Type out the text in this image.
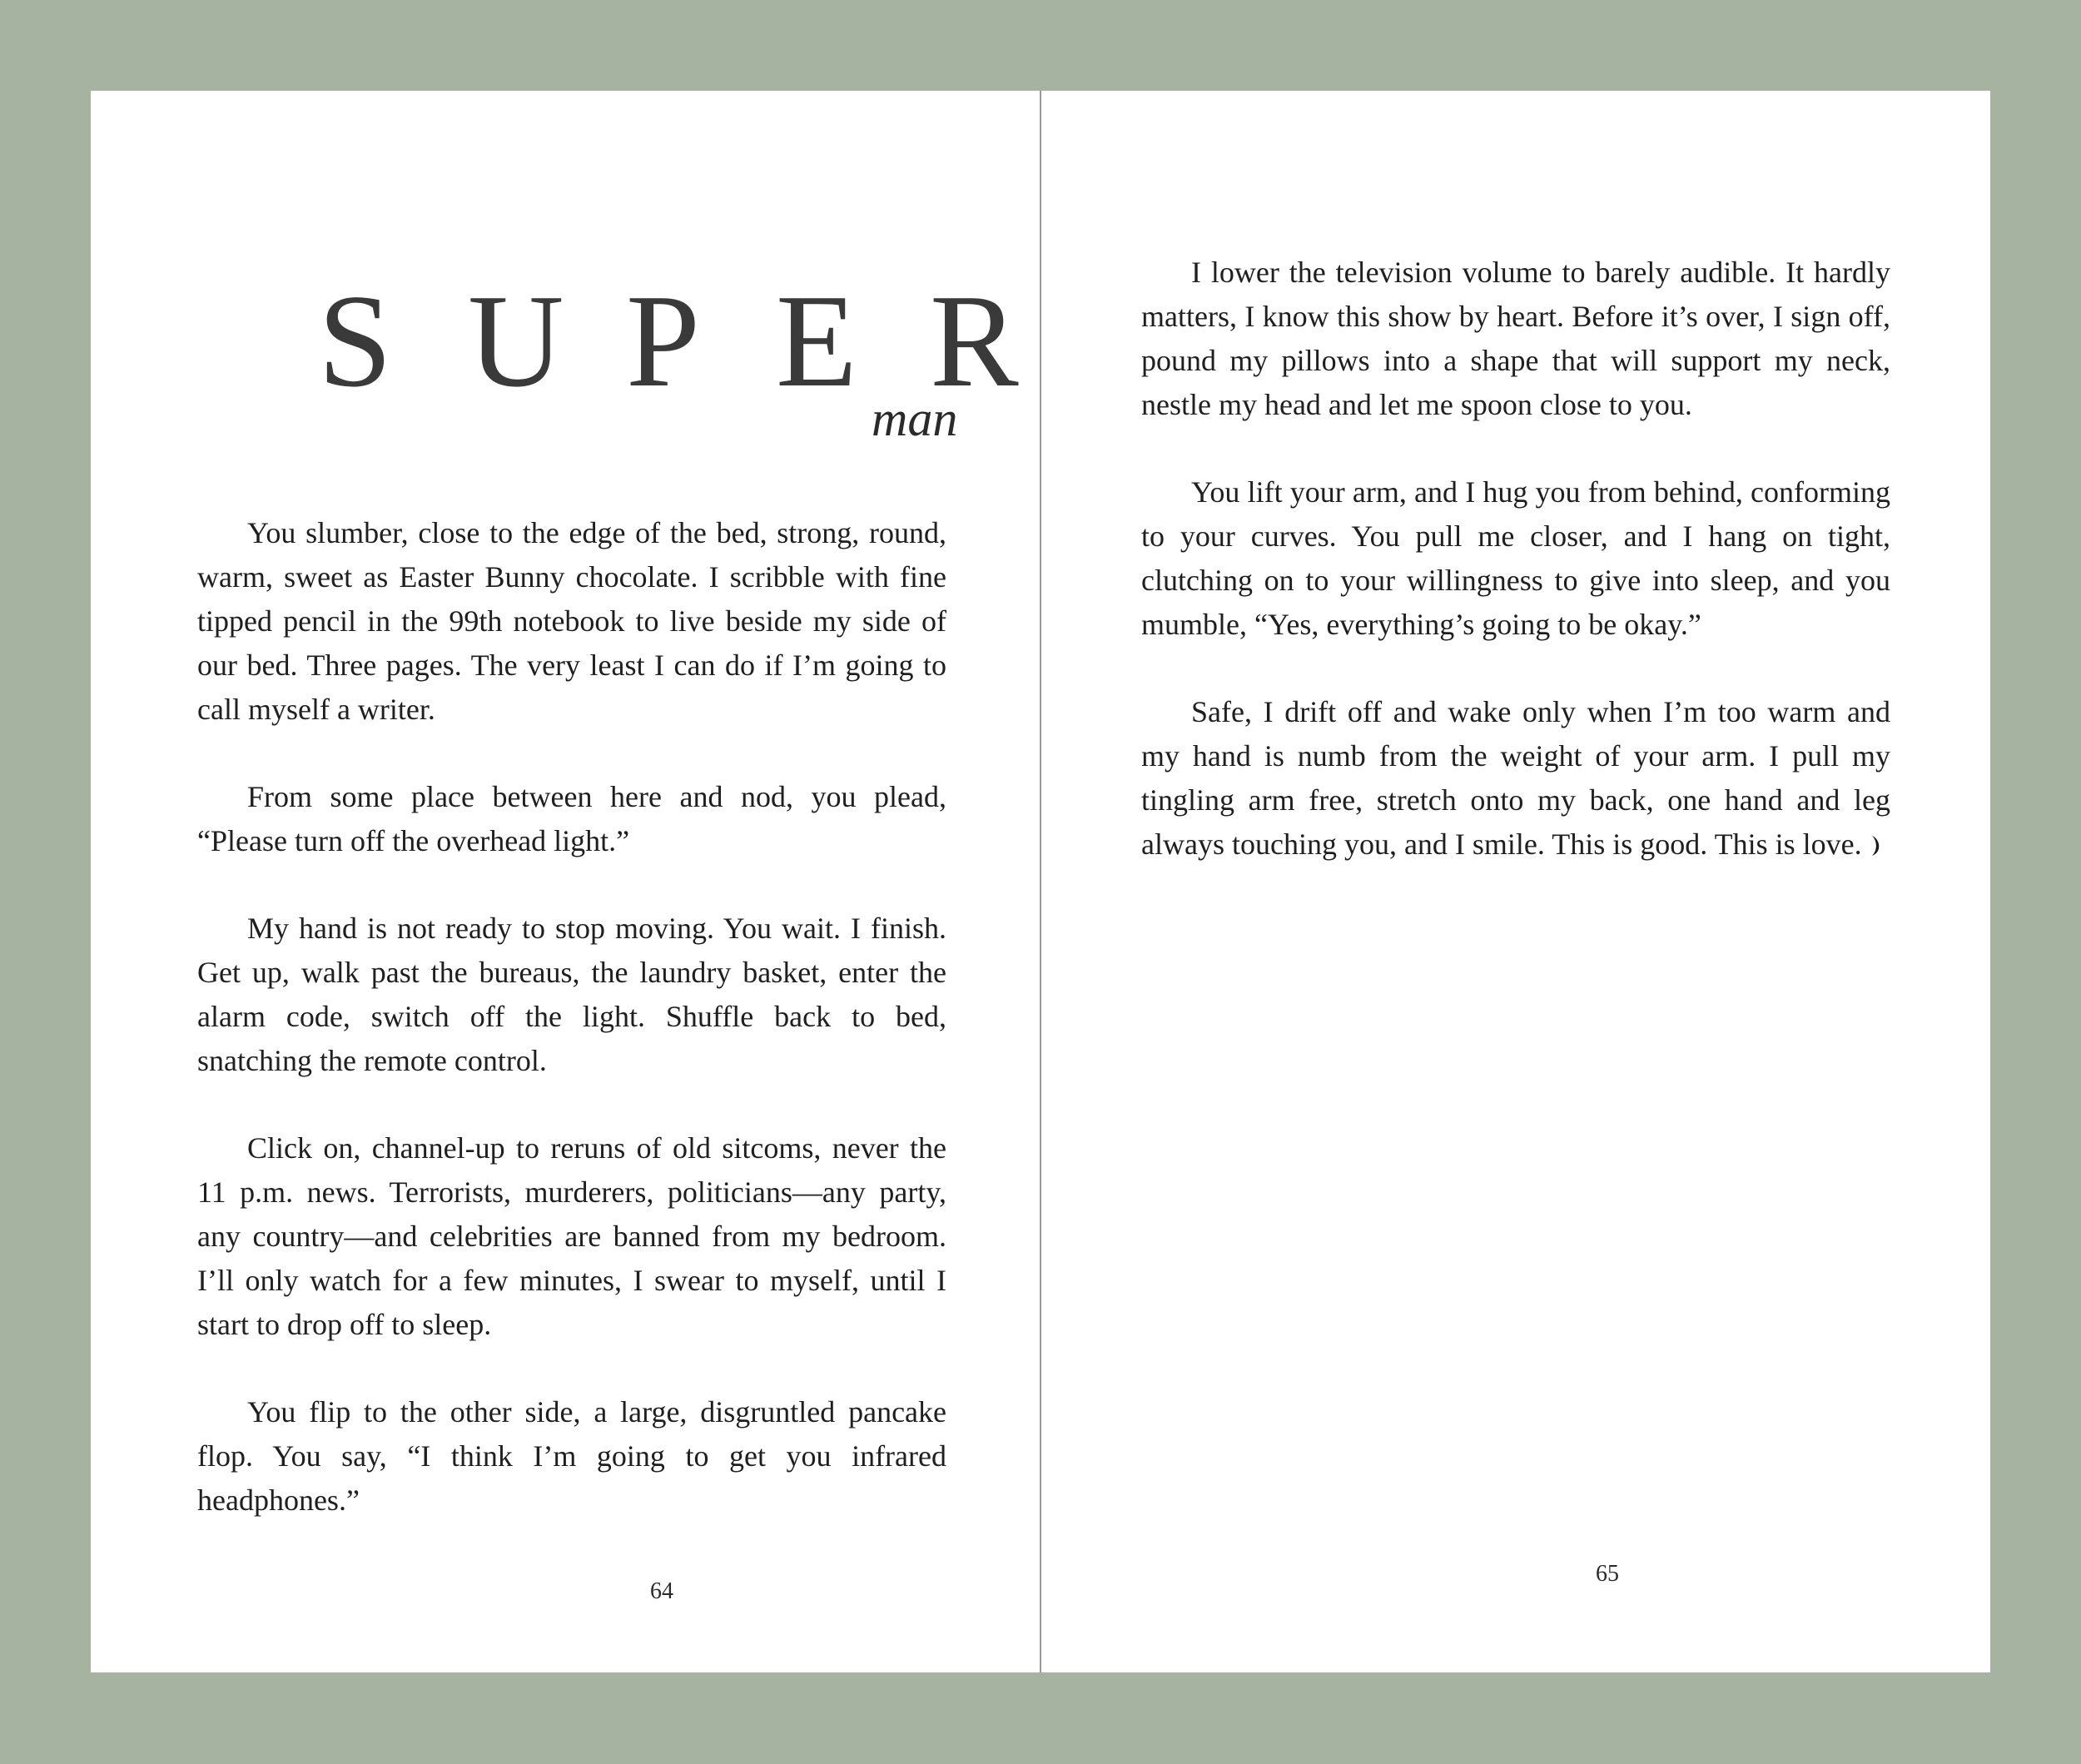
S U P E R
man

You slumber, close to the edge of the bed, strong, round, warm, sweet as Easter Bunny chocolate. I scribble with fine tipped pencil in the 99th notebook to live beside my side of our bed. Three pages. The very least I can do if I’m going to call myself a writer.

From some place between here and nod, you plead, “Please turn off the overhead light.”

My hand is not ready to stop moving. You wait. I finish. Get up, walk past the bureaus, the laundry basket, enter the alarm code, switch off the light. Shuffle back to bed, snatching the remote control.

Click on, channel-up to reruns of old sitcoms, never the 11 p.m. news. Terrorists, murderers, politicians—any party, any country—and celebrities are banned from my bedroom. I’ll only watch for a few minutes, I swear to myself, until I start to drop off to sleep.

You flip to the other side, a large, disgruntled pancake flop. You say, “I think I’m going to get you infrared headphones.”

64

I lower the television volume to barely audible. It hardly matters, I know this show by heart. Before it’s over, I sign off, pound my pillows into a shape that will support my neck, nestle my head and let me spoon close to you.

You lift your arm, and I hug you from behind, conforming to your curves. You pull me closer, and I hang on tight, clutching on to your willingness to give into sleep, and you mumble, “Yes, everything’s going to be okay.”

Safe, I drift off and wake only when I’m too warm and my hand is numb from the weight of your arm. I pull my tingling arm free, stretch onto my back, one hand and leg always touching you, and I smile. This is good. This is love.

65
